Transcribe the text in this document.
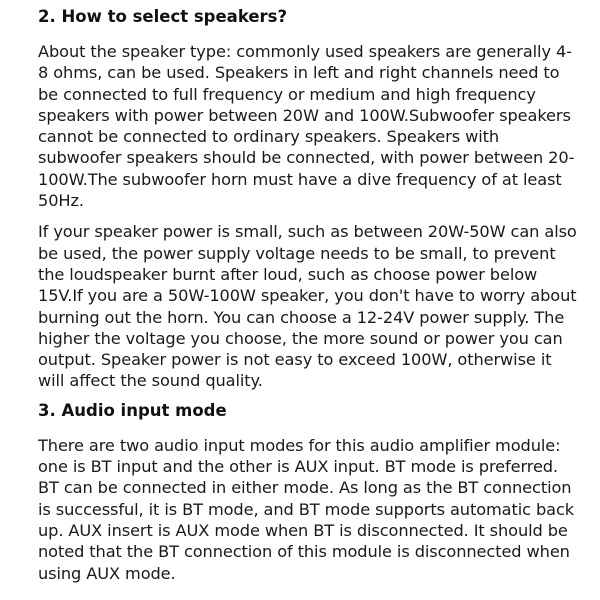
2. How to select speakers?

About the speaker type: commonly used speakers are generally 4-8 ohms, can be used. Speakers in left and right channels need to be connected to full frequency or medium and high frequency speakers with power between 20W and 100W.Subwoofer speakers cannot be connected to ordinary speakers. Speakers with subwoofer speakers should be connected, with power between 20-100W.The subwoofer horn must have a dive frequency of at least 50Hz.

If your speaker power is small, such as between 20W-50W can also be used, the power supply voltage needs to be small, to prevent the loudspeaker burnt after loud, such as choose power below 15V.If you are a 50W-100W speaker, you don't have to worry about burning out the horn. You can choose a 12-24V power supply. The higher the voltage you choose, the more sound or power you can output. Speaker power is not easy to exceed 100W, otherwise it will affect the sound quality.

3. Audio input mode

There are two audio input modes for this audio amplifier module: one is BT input and the other is AUX input. BT mode is preferred. BT can be connected in either mode. As long as the BT connection is successful, it is BT mode, and BT mode supports automatic back up. AUX insert is AUX mode when BT is disconnected. It should be noted that the BT connection of this module is disconnected when using AUX mode.
